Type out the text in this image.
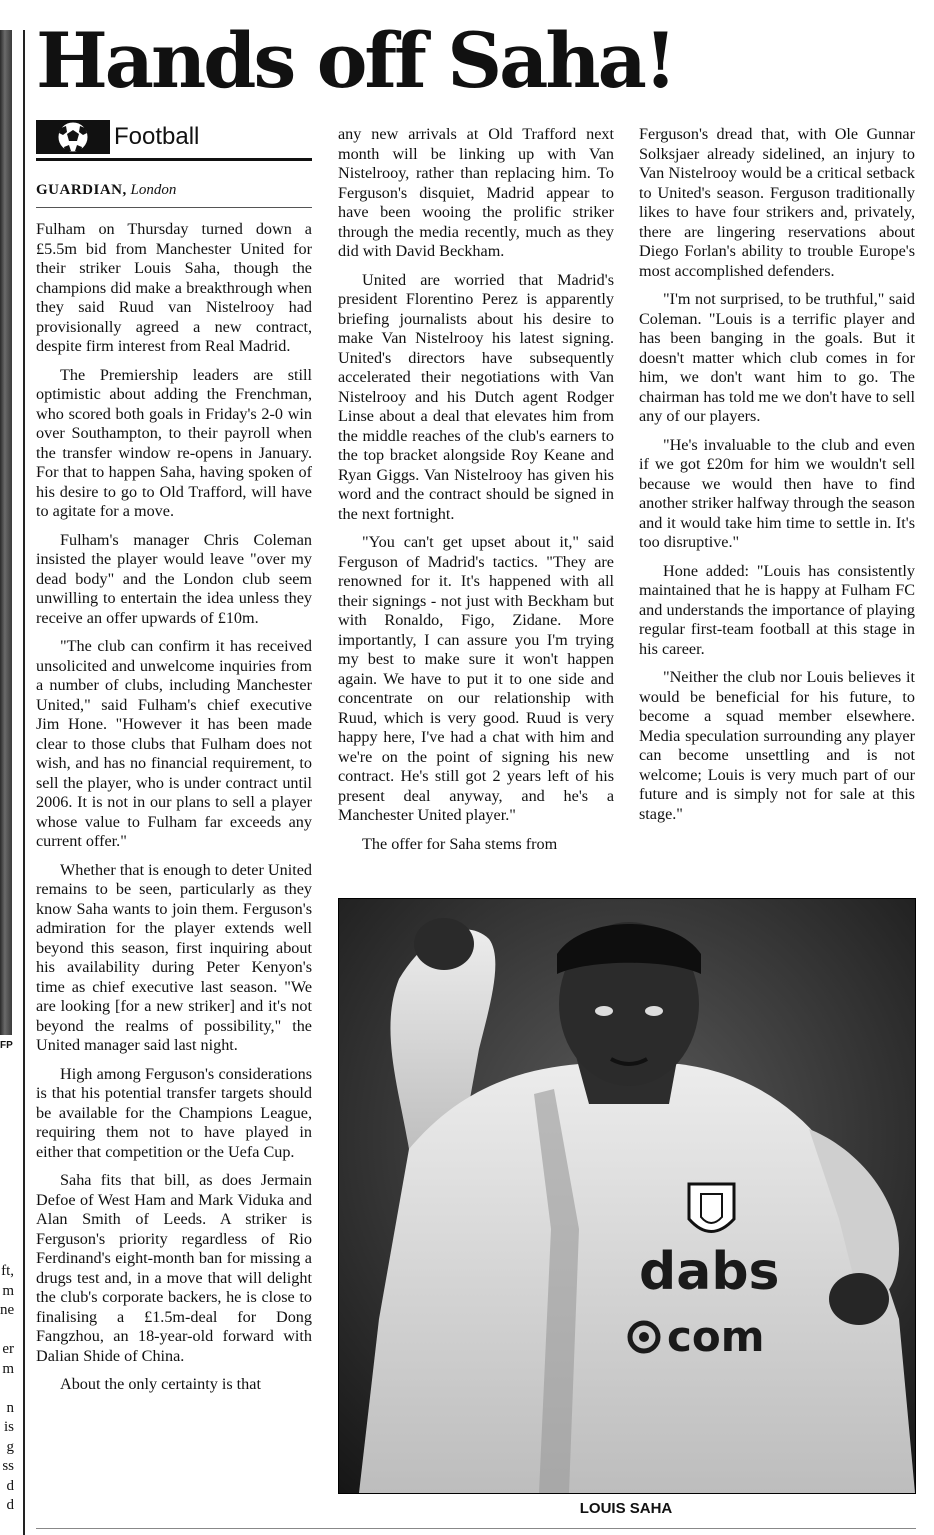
FP
ft,
m
ne

er
m

n
is
g
ss
d
d
Hands off Saha!
Football
GUARDIAN, London

Fulham on Thursday turned down a £5.5m bid from Manchester United for their striker Louis Saha, though the champions did make a breakthrough when they said Ruud van Nistelrooy had provisionally agreed a new contract, despite firm interest from Real Madrid.

The Premiership leaders are still optimistic about adding the Frenchman, who scored both goals in Friday's 2-0 win over Southampton, to their payroll when the transfer window re-opens in January. For that to happen Saha, having spoken of his desire to go to Old Trafford, will have to agitate for a move.

Fulham's manager Chris Coleman insisted the player would leave "over my dead body" and the London club seem unwilling to entertain the idea unless they receive an offer upwards of £10m.

"The club can confirm it has received unsolicited and unwelcome inquiries from a number of clubs, including Manchester United," said Fulham's chief executive Jim Hone. "However it has been made clear to those clubs that Fulham does not wish, and has no financial requirement, to sell the player, who is under contract until 2006. It is not in our plans to sell a player whose value to Fulham far exceeds any current offer."

Whether that is enough to deter United remains to be seen, particularly as they know Saha wants to join them. Ferguson's admiration for the player extends well beyond this season, first inquiring about his availability during Peter Kenyon's time as chief executive last season. "We are looking [for a new striker] and it's not beyond the realms of possibility," the United manager said last night.

High among Ferguson's considerations is that his potential transfer targets should be available for the Champions League, requiring them not to have played in either that competition or the Uefa Cup.

Saha fits that bill, as does Jermain Defoe of West Ham and Mark Viduka and Alan Smith of Leeds. A striker is Ferguson's priority regardless of Rio Ferdinand's eight-month ban for missing a drugs test and, in a move that will delight the club's corporate backers, he is close to finalising a £1.5m-deal for Dong Fangzhou, an 18-year-old forward with Dalian Shide of China.

About the only certainty is that

any new arrivals at Old Trafford next month will be linking up with Van Nistelrooy, rather than replacing him. To Ferguson's disquiet, Madrid appear to have been wooing the prolific striker through the media recently, much as they did with David Beckham.

United are worried that Madrid's president Florentino Perez is apparently briefing journalists about his desire to make Van Nistelrooy his latest signing. United's directors have subsequently accelerated their negotiations with Van Nistelrooy and his Dutch agent Rodger Linse about a deal that elevates him from the middle reaches of the club's earners to the top bracket alongside Roy Keane and Ryan Giggs. Van Nistelrooy has given his word and the contract should be signed in the next fortnight.

"You can't get upset about it," said Ferguson of Madrid's tactics. "They are renowned for it. It's happened with all their signings - not just with Beckham but with Ronaldo, Figo, Zidane. More importantly, I can assure you I'm trying my best to make sure it won't happen again. We have to put it to one side and concentrate on our relationship with Ruud, which is very good. Ruud is very happy here, I've had a chat with him and we're on the point of signing his new contract. He's still got 2 years left of his present deal anyway, and he's a Manchester United player."

The offer for Saha stems from

Ferguson's dread that, with Ole Gunnar Solksjaer already sidelined, an injury to Van Nistelrooy would be a critical setback to United's season. Ferguson traditionally likes to have four strikers and, privately, there are lingering reservations about Diego Forlan's ability to trouble Europe's most accomplished defenders.

"I'm not surprised, to be truthful," said Coleman. "Louis is a terrific player and has been banging in the goals. But it doesn't matter which club comes in for him, we don't want him to go. The chairman has told me we don't have to sell any of our players.

"He's invaluable to the club and even if we got £20m for him we wouldn't sell because we would then have to find another striker halfway through the season and it would take him time to settle in. It's too disruptive."

Hone added: "Louis has consistently maintained that he is happy at Fulham FC and understands the importance of playing regular first-team football at this stage in his career.

"Neither the club nor Louis believes it would be beneficial for his future, to become a squad member elsewhere. Media speculation surrounding any player can become unsettling and is not welcome; Louis is very much part of our future and is simply not for sale at this stage."

dabs
com
LOUIS SAHA
